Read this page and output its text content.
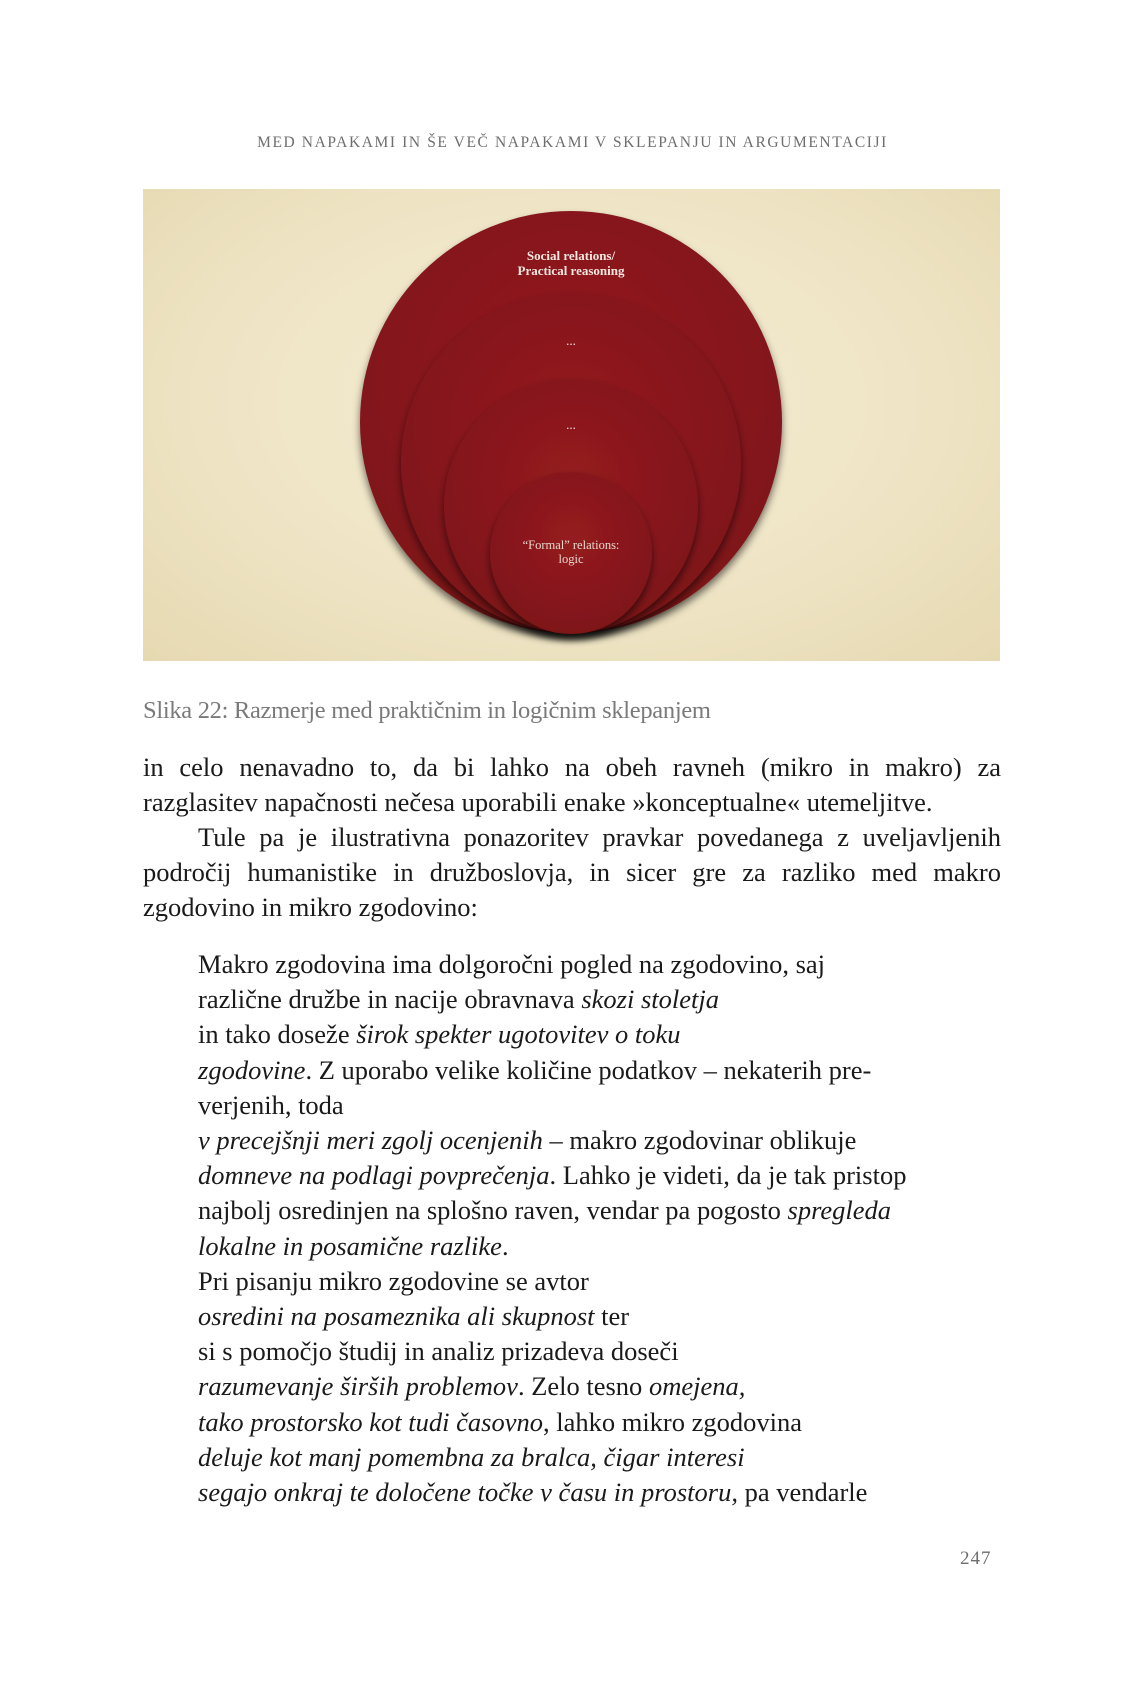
MED NAPAKAMI IN ŠE VEČ NAPAKAMI V SKLEPANJU IN ARGUMENTACIJI
Social relations/
Practical reasoning
...
...
“Formal” relations:
logic
Slika 22: Razmerje med praktičnim in logičnim sklepanjem

in celo nenavadno to, da bi lahko na obeh ravneh (mikro in makro) za razglasitev napačnosti nečesa uporabili enake »konceptualne« utemeljitve.

Tule pa je ilustrativna ponazoritev pravkar povedanega z uveljavljenih področij humanistike in družboslovja, in sicer gre za razliko med makro zgodovino in mikro zgodovino:

Makro zgodovina ima dolgoročni pogled na zgodovino, saj
različne družbe in nacije obravnava skozi stoletja
in tako doseže širok spekter ugotovitev o toku
zgodovine. Z uporabo velike količine podatkov – nekaterih pre-
verjenih, toda
v precejšnji meri zgolj ocenjenih – makro zgodovinar oblikuje
domneve na podlagi povprečenja. Lahko je videti, da je tak pristop
najbolj osredinjen na splošno raven, vendar pa pogosto spregleda
lokalne in posamične razlike.
Pri pisanju mikro zgodovine se avtor
osredini na posameznika ali skupnost ter
si s pomočjo študij in analiz prizadeva doseči
razumevanje širših problemov. Zelo tesno omejena,
tako prostorsko kot tudi časovno, lahko mikro zgodovina
deluje kot manj pomembna za bralca, čigar interesi
segajo onkraj te določene točke v času in prostoru, pa vendarle
247
